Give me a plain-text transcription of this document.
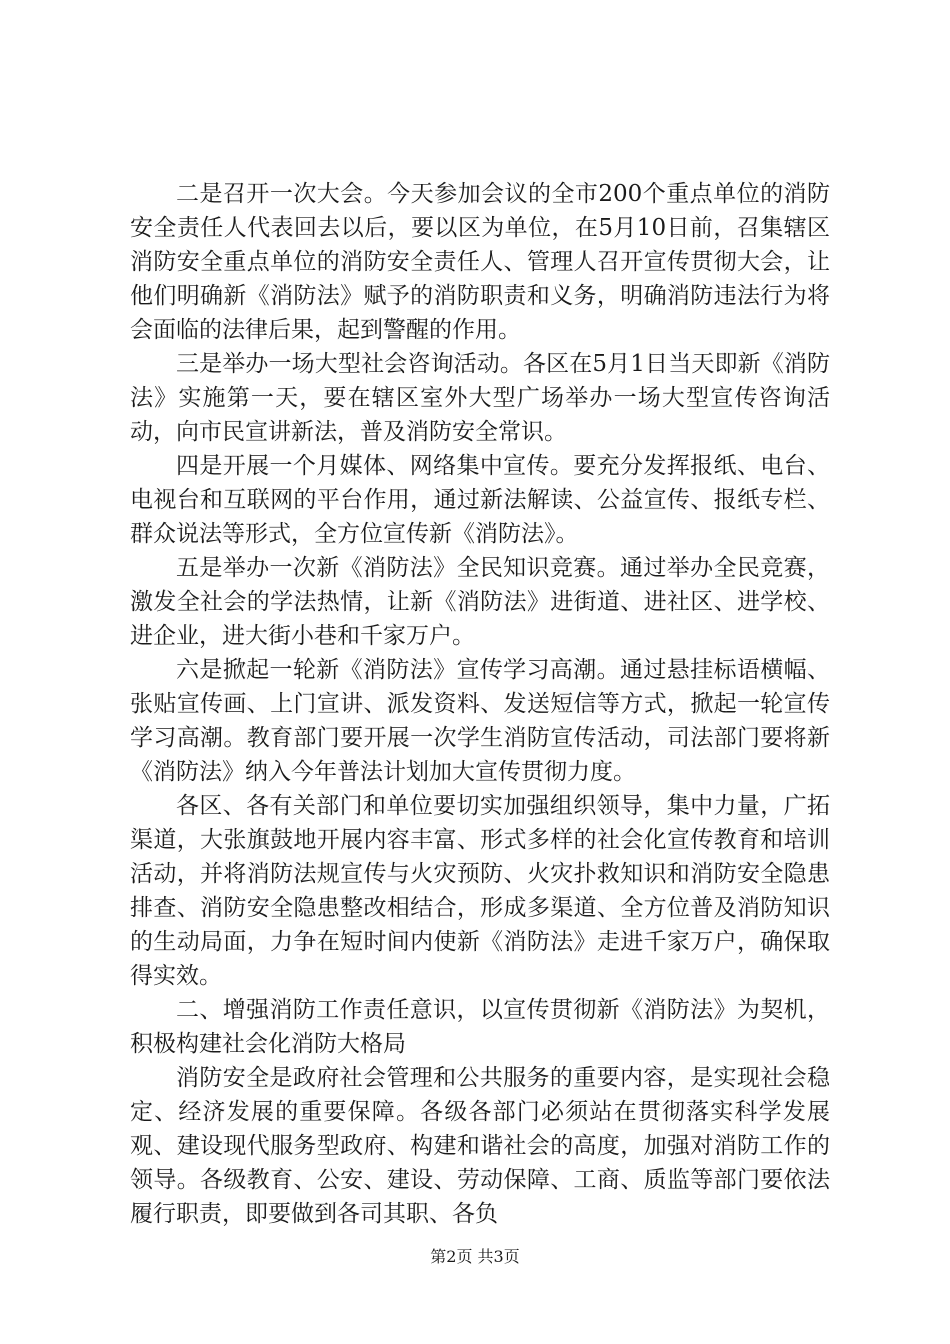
二是召开一次大会。今天参加会议的全市200个重点单位的消防安全责任人代表回去以后，要以区为单位，在5月10日前，召集辖区消防安全重点单位的消防安全责任人、管理人召开宣传贯彻大会，让他们明确新《消防法》赋予的消防职责和义务，明确消防违法行为将会面临的法律后果，起到警醒的作用。

三是举办一场大型社会咨询活动。各区在5月1日当天即新《消防法》实施第一天，要在辖区室外大型广场举办一场大型宣传咨询活动，向市民宣讲新法，普及消防安全常识。

四是开展一个月媒体、网络集中宣传。要充分发挥报纸、电台、电视台和互联网的平台作用，通过新法解读、公益宣传、报纸专栏、群众说法等形式，全方位宣传新《消防法》。

五是举办一次新《消防法》全民知识竞赛。通过举办全民竞赛，激发全社会的学法热情，让新《消防法》进街道、进社区、进学校、进企业，进大街小巷和千家万户。

六是掀起一轮新《消防法》宣传学习高潮。通过悬挂标语横幅、张贴宣传画、上门宣讲、派发资料、发送短信等方式，掀起一轮宣传学习高潮。教育部门要开展一次学生消防宣传活动，司法部门要将新《消防法》纳入今年普法计划加大宣传贯彻力度。

各区、各有关部门和单位要切实加强组织领导，集中力量，广拓渠道，大张旗鼓地开展内容丰富、形式多样的社会化宣传教育和培训活动，并将消防法规宣传与火灾预防、火灾扑救知识和消防安全隐患排查、消防安全隐患整改相结合，形成多渠道、全方位普及消防知识的生动局面，力争在短时间内使新《消防法》走进千家万户，确保取得实效。

二、增强消防工作责任意识，以宣传贯彻新《消防法》为契机，积极构建社会化消防大格局

消防安全是政府社会管理和公共服务的重要内容，是实现社会稳定、经济发展的重要保障。各级各部门必须站在贯彻落实科学发展观、建设现代服务型政府、构建和谐社会的高度，加强对消防工作的领导。各级教育、公安、建设、劳动保障、工商、质监等部门要依法履行职责，即要做到各司其职、各负

第2页 共3页
